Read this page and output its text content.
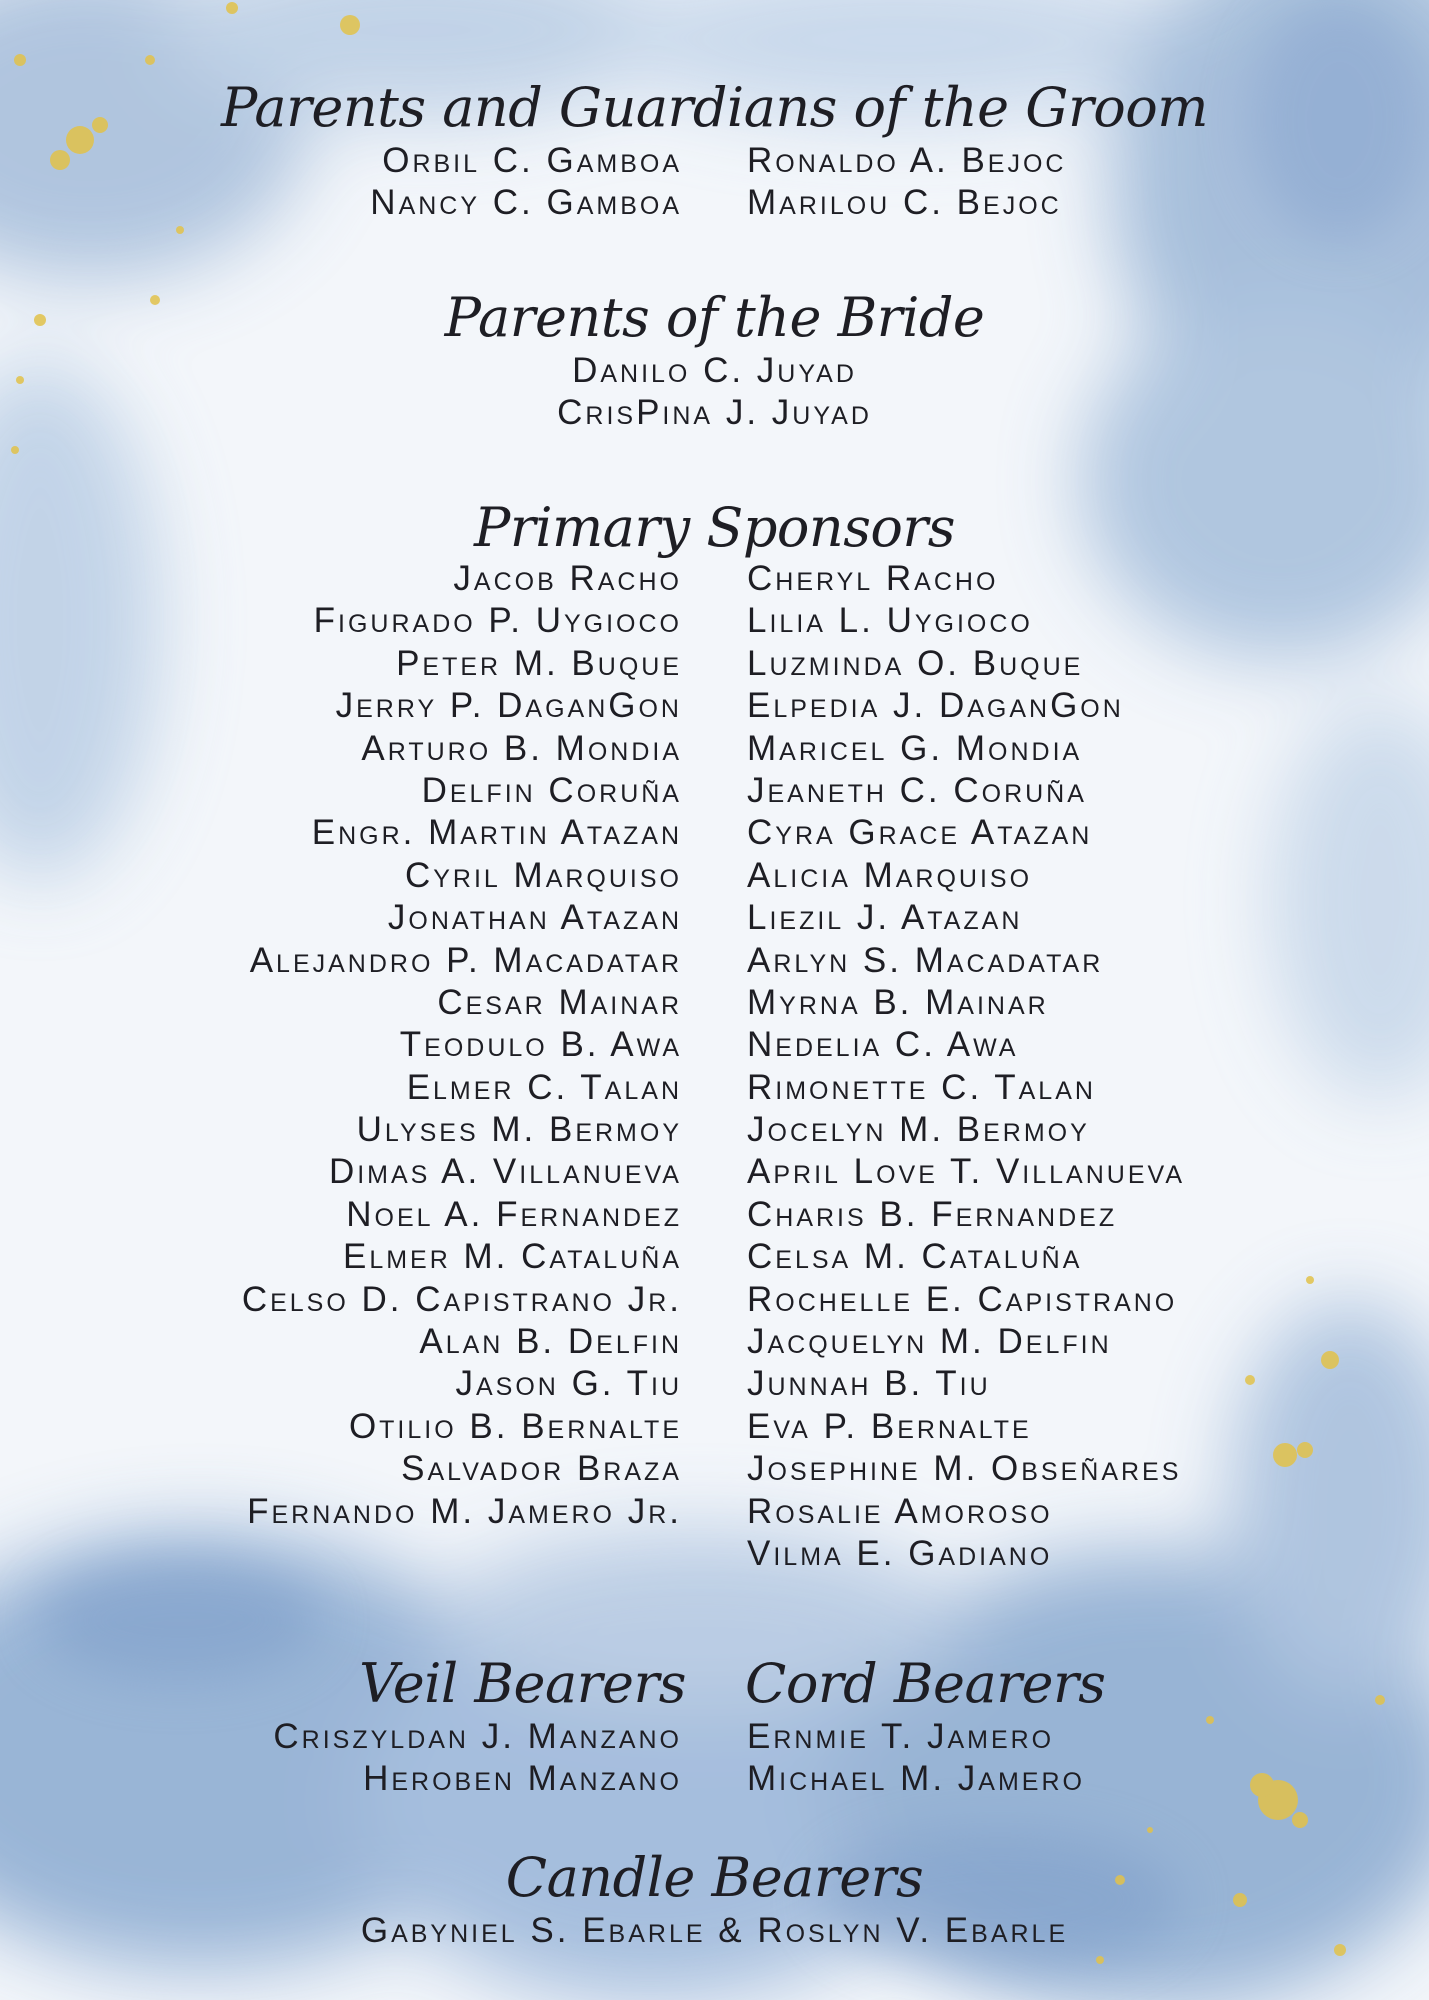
Parents and Guardians of the Groom
Orbil C. Gamboa
Nancy C. Gamboa
Ronaldo A. Bejoc
Marilou C. Bejoc
Parents of the Bride
Danilo C. Juyad
CrisPina J. Juyad
Primary Sponsors
Jacob Racho
Figurado P. Uygioco
Peter M. Buque
Jerry P. DaganGon
Arturo B. Mondia
Delfin Coruña
Engr. Martin Atazan
Cyril Marquiso
Jonathan Atazan
Alejandro P. Macadatar
Cesar Mainar
Teodulo B. Awa
Elmer C. Talan
Ulyses M. Bermoy
Dimas A. Villanueva
Noel A. Fernandez
Elmer M. Cataluña
Celso D. Capistrano Jr.
Alan B. Delfin
Jason G. Tiu
Otilio B. Bernalte
Salvador Braza
Fernando M. Jamero Jr.
Cheryl Racho
Lilia L. Uygioco
Luzminda O. Buque
Elpedia J. DaganGon
Maricel G. Mondia
Jeaneth C. Coruña
Cyra Grace Atazan
Alicia Marquiso
Liezil J. Atazan
Arlyn S. Macadatar
Myrna B. Mainar
Nedelia C. Awa
Rimonette C. Talan
Jocelyn M. Bermoy
April Love T. Villanueva
Charis B. Fernandez
Celsa M. Cataluña
Rochelle E. Capistrano
Jacquelyn M. Delfin
Junnah B. Tiu
Eva P. Bernalte
Josephine M. Obseñares
Rosalie Amoroso
Vilma E. Gadiano
Veil Bearers Cord Bearers
Criszyldan J. Manzano
Heroben Manzano
Ernmie T. Jamero
Michael M. Jamero
Candle Bearers
Gabyniel S. Ebarle & Roslyn V. Ebarle
